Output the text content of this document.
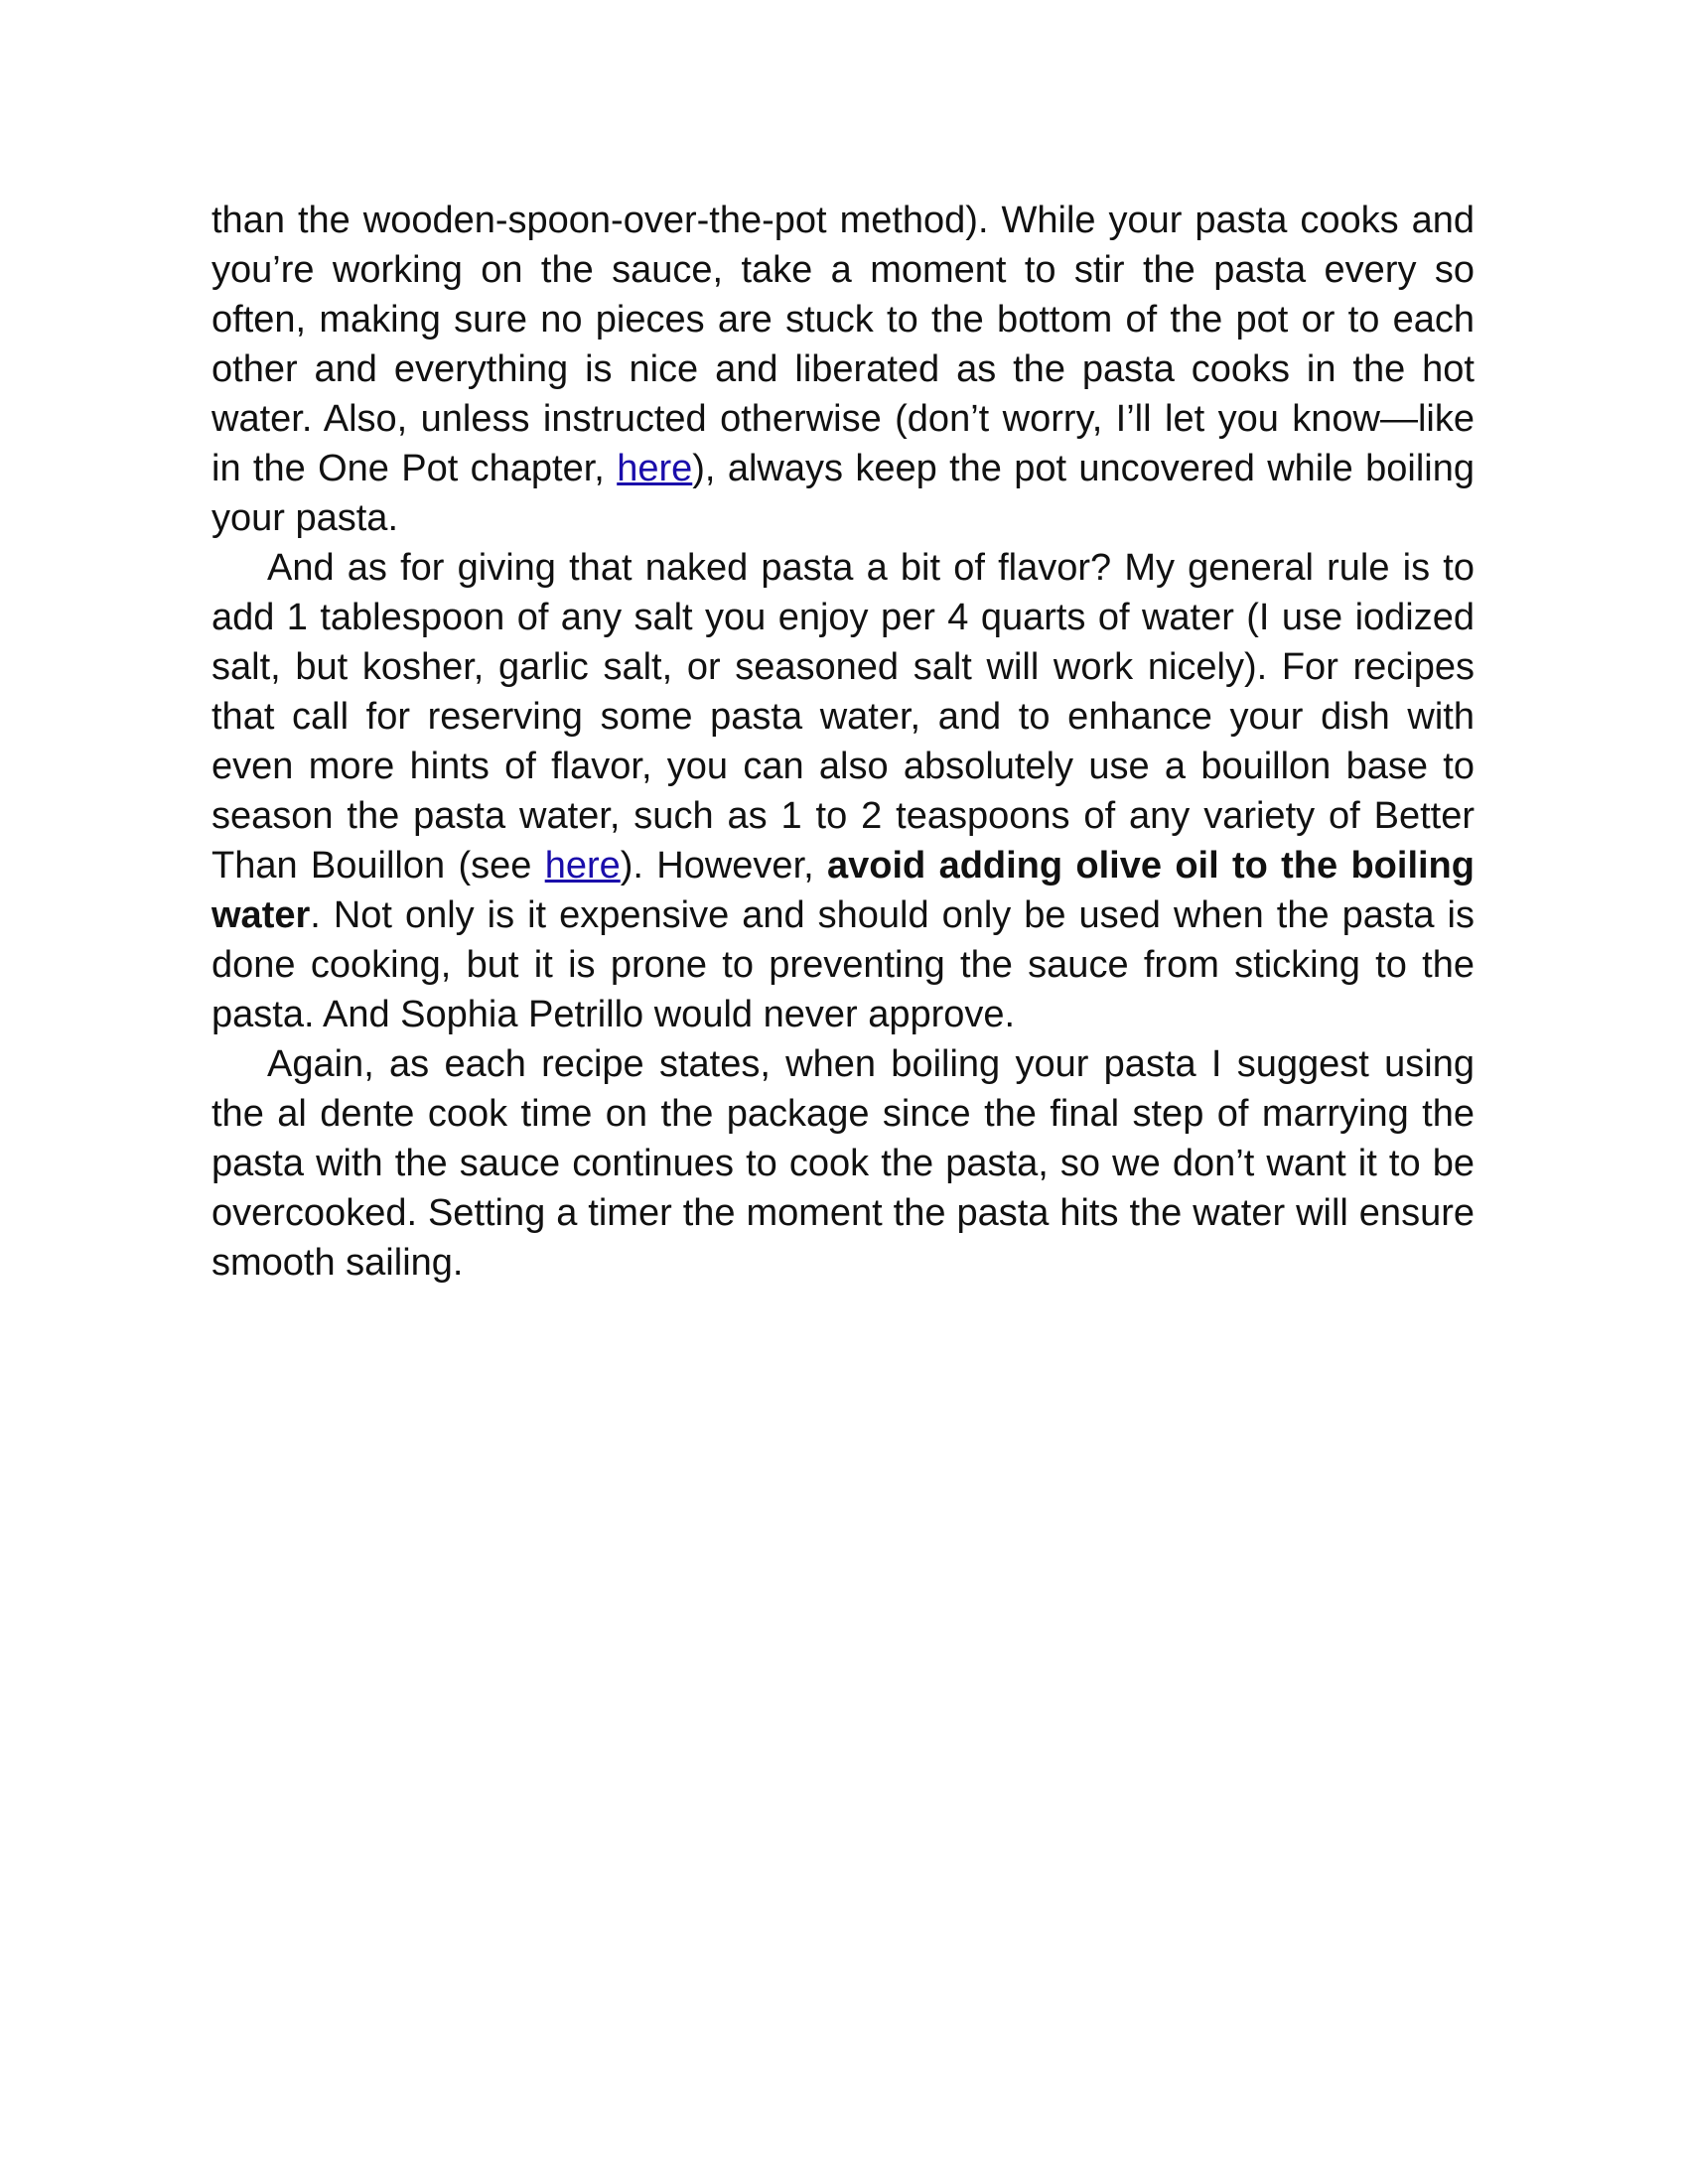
than the wooden-spoon-over-the-pot method). While your pasta cooks and you’re working on the sauce, take a moment to stir the pasta every so often, making sure no pieces are stuck to the bottom of the pot or to each other and everything is nice and liberated as the pasta cooks in the hot water. Also, unless instructed otherwise (don’t worry, I’ll let you know—like in the One Pot chapter, here), always keep the pot uncovered while boiling your pasta.

And as for giving that naked pasta a bit of flavor? My general rule is to add 1 tablespoon of any salt you enjoy per 4 quarts of water (I use iodized salt, but kosher, garlic salt, or seasoned salt will work nicely). For recipes that call for reserving some pasta water, and to enhance your dish with even more hints of flavor, you can also absolutely use a bouillon base to season the pasta water, such as 1 to 2 teaspoons of any variety of Better Than Bouillon (see here). However, avoid adding olive oil to the boiling water. Not only is it expensive and should only be used when the pasta is done cooking, but it is prone to preventing the sauce from sticking to the pasta. And Sophia Petrillo would never approve.

Again, as each recipe states, when boiling your pasta I suggest using the al dente cook time on the package since the final step of marrying the pasta with the sauce continues to cook the pasta, so we don’t want it to be overcooked. Setting a timer the moment the pasta hits the water will ensure smooth sailing.
